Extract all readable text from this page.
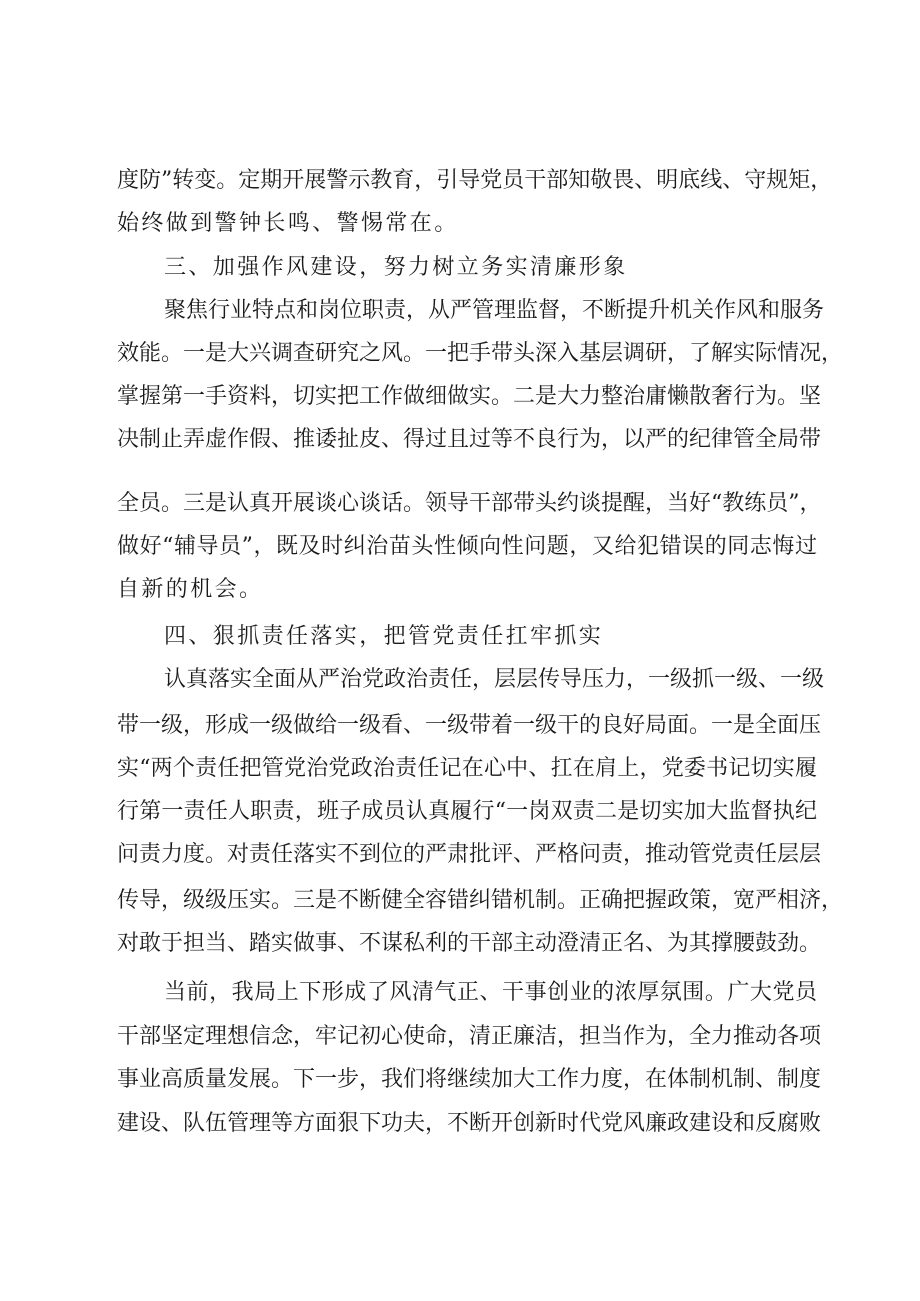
度防”转变。定期开展警示教育，引导党员干部知敬畏、明底线、守规矩，
始终做到警钟长鸣、警惕常在。
三、加强作风建设，努力树立务实清廉形象
聚焦行业特点和岗位职责，从严管理监督，不断提升机关作风和服务
效能。一是大兴调查研究之风。一把手带头深入基层调研，了解实际情况，
掌握第一手资料，切实把工作做细做实。二是大力整治庸懒散奢行为。坚
决制止弄虚作假、推诿扯皮、得过且过等不良行为，以严的纪律管全局带
全员。三是认真开展谈心谈话。领导干部带头约谈提醒，当好“教练员”，
做好“辅导员”，既及时纠治苗头性倾向性问题，又给犯错误的同志悔过
自新的机会。
四、狠抓责任落实，把管党责任扛牢抓实
认真落实全面从严治党政治责任，层层传导压力，一级抓一级、一级
带一级，形成一级做给一级看、一级带着一级干的良好局面。一是全面压
实“两个责任把管党治党政治责任记在心中、扛在肩上，党委书记切实履
行第一责任人职责，班子成员认真履行“一岗双责二是切实加大监督执纪
问责力度。对责任落实不到位的严肃批评、严格问责，推动管党责任层层
传导，级级压实。三是不断健全容错纠错机制。正确把握政策，宽严相济，
对敢于担当、踏实做事、不谋私利的干部主动澄清正名、为其撑腰鼓劲。
当前，我局上下形成了风清气正、干事创业的浓厚氛围。广大党员
干部坚定理想信念，牢记初心使命，清正廉洁，担当作为，全力推动各项
事业高质量发展。下一步，我们将继续加大工作力度，在体制机制、制度
建设、队伍管理等方面狠下功夫，不断开创新时代党风廉政建设和反腐败
